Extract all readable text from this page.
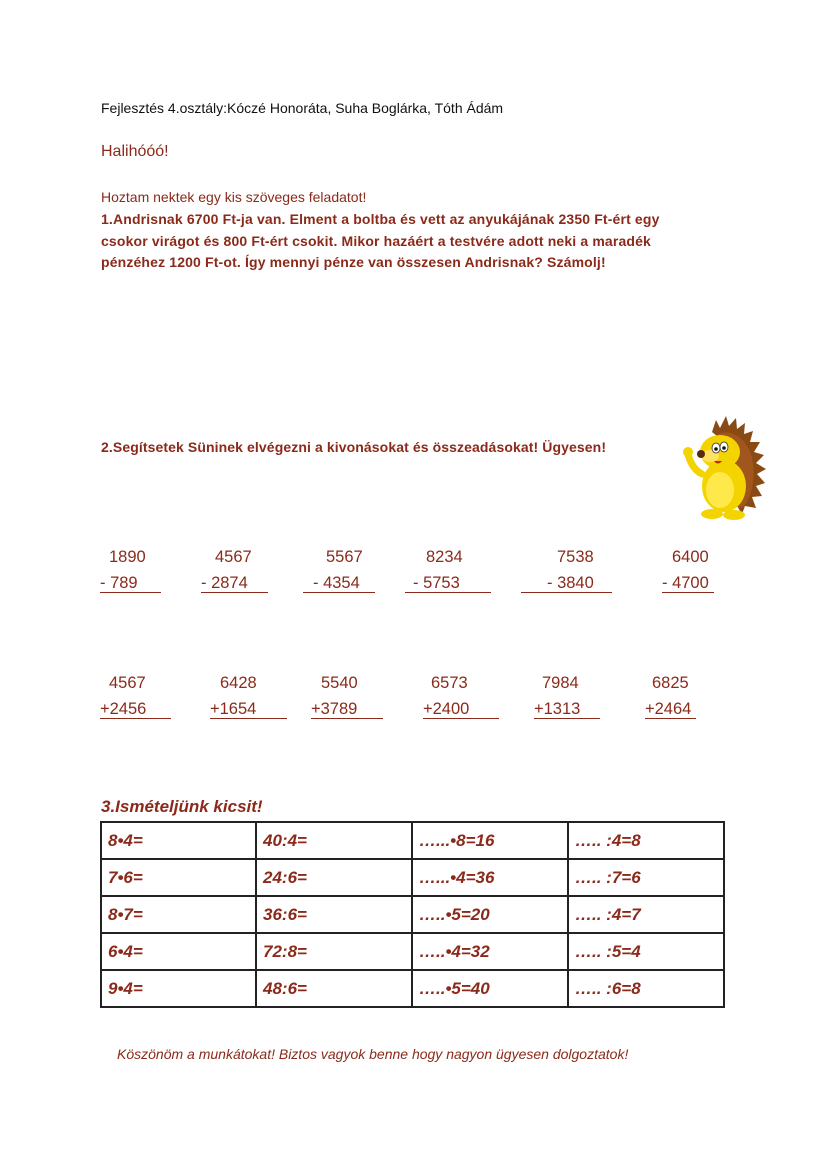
Fejlesztés 4.osztály:Kóczé Honoráta, Suha Boglárka, Tóth Ádám
Halihóóó!
Hoztam nektek egy kis szöveges feladatot!
1.Andrisnak 6700 Ft-ja van. Elment a boltba és vett az anyukájának 2350 Ft-ért egy
csokor virágot és 800 Ft-ért csokit. Mikor hazáért a testvére adott neki a maradék
pénzéhez 1200 Ft-ot. Így mennyi pénze van összesen Andrisnak? Számolj!
2.Segítsetek Süninek elvégezni a kivonásokat és összeadásokat! Ügyesen!
1890
- 789
4567
- 2874
5567
- 4354
8234
- 5753
7538
- 3840
6400
- 4700
4567
+2456
6428
+1654
5540
+3789
6573
+2400
7984
+1313
6825
+2464
3.Ismételjünk kicsit!
8•4=	40:4=	…...•8=16	….. :4=8
7•6=	24:6=	…...•4=36	….. :7=6
8•7=	36:6=	…..•5=20	….. :4=7
6•4=	72:8=	…..•4=32	….. :5=4
9•4=	48:6=	…..•5=40	….. :6=8
Köszönöm a munkátokat! Biztos vagyok benne hogy nagyon ügyesen dolgoztatok!
